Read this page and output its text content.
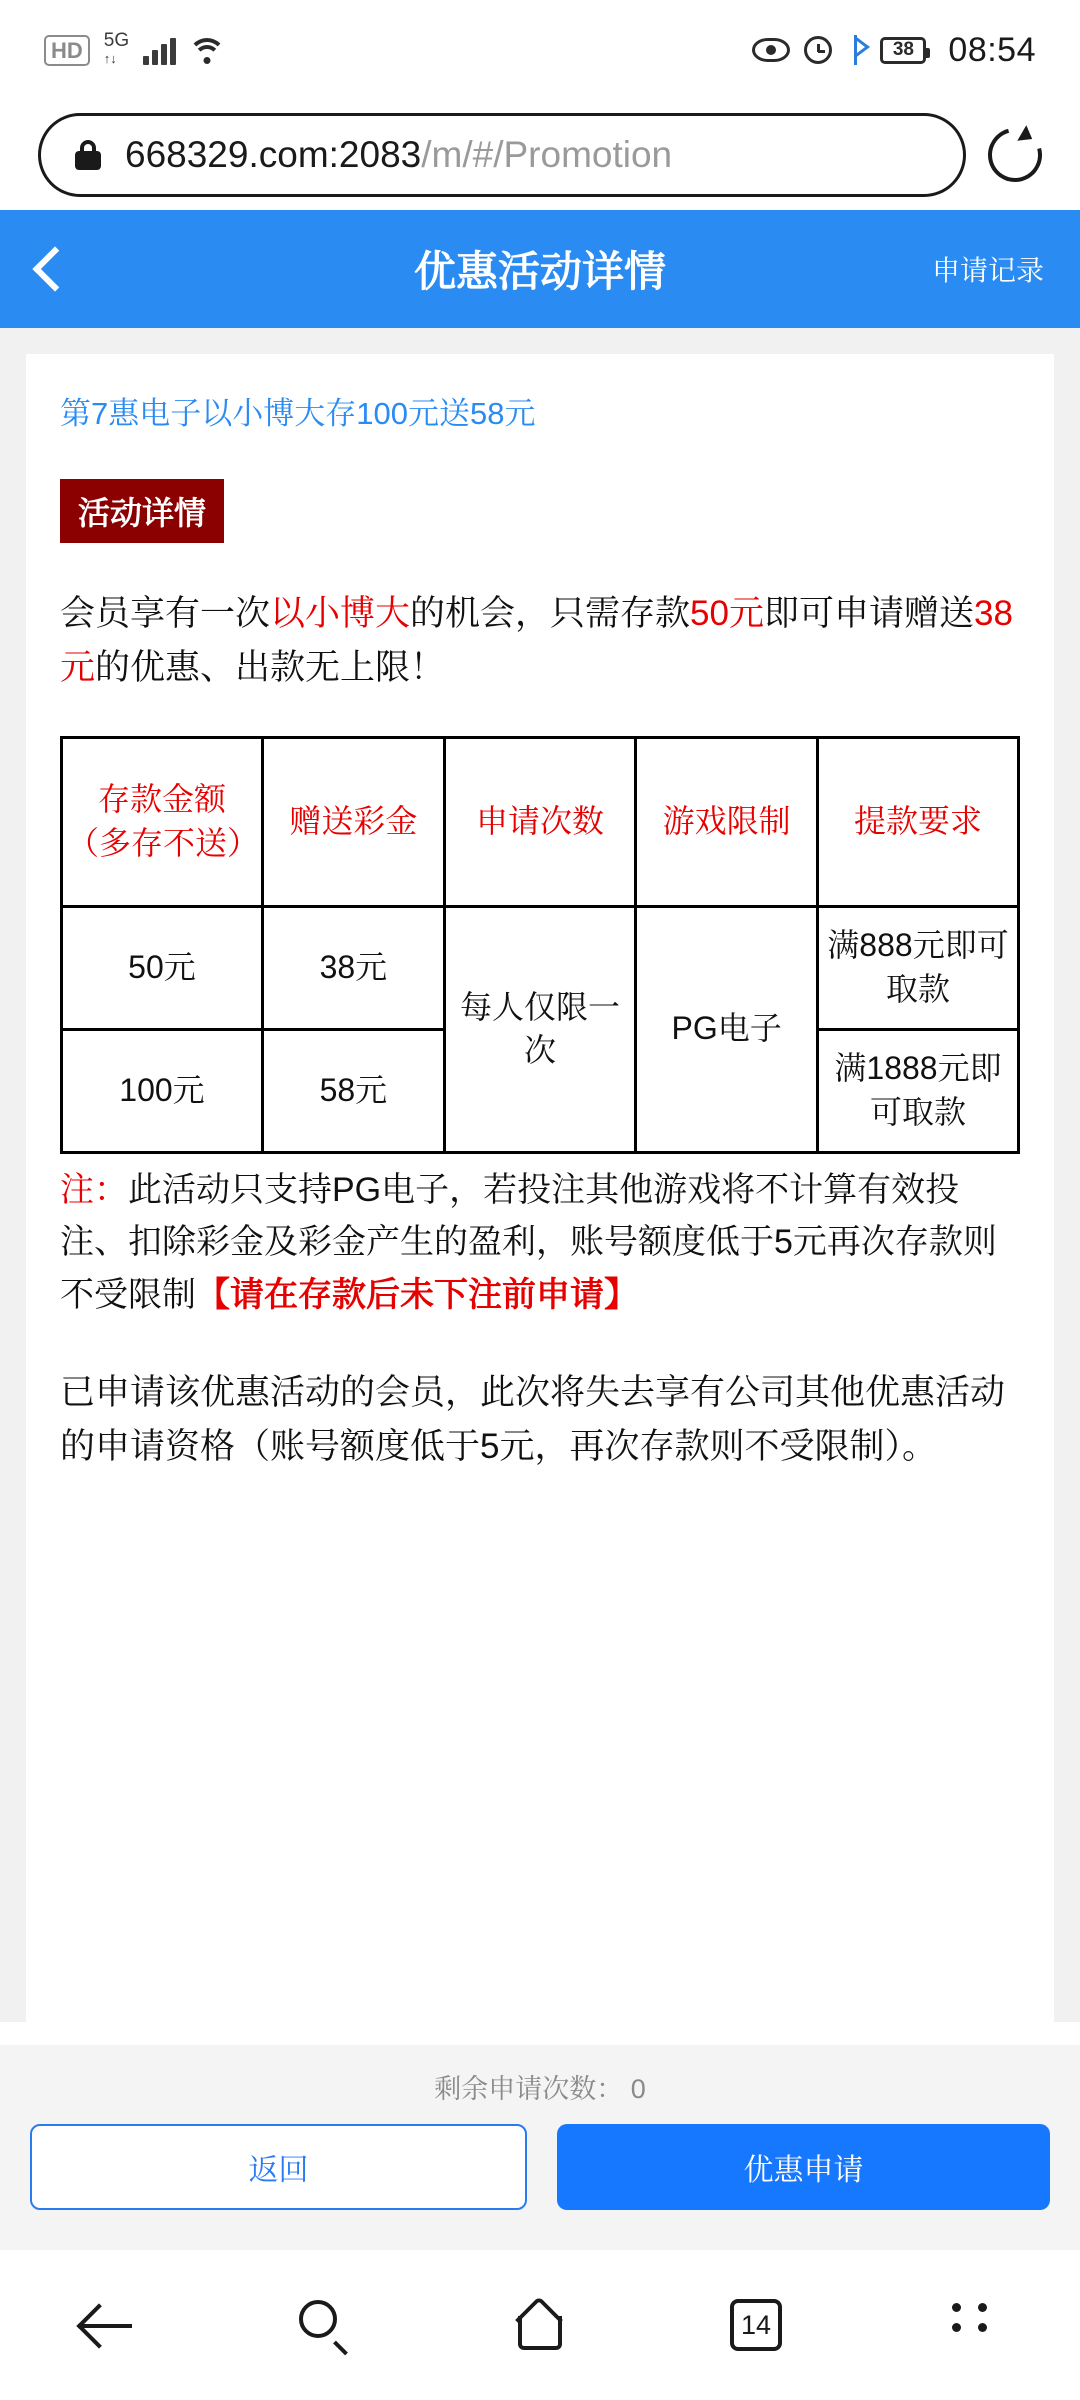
HD	5G
↑↓	38 08:54
668329.com:2083/m/#/Promotion
优惠活动详情	申请记录
第7惠电子以小博大存100元送58元
活动详情

会员享有一次以小博大的机会，只需存款50元即可申请赠送38元的优惠、出款无上限！

存款金额（多存不送）	赠送彩金	申请次数	游戏限制	提款要求

50元	38元	每人仅限一次	PG电子	满888元即可取款
100元	58元			满1888元即可取款

注：此活动只支持PG电子，若投注其他游戏将不计算有效投注、扣除彩金及彩金产生的盈利，账号额度低于5元再次存款则不受限制【请在存款后未下注前申请】

已申请该优惠活动的会员，此次将失去享有公司其他优惠活动的申请资格（账号额度低于5元，再次存款则不受限制）。

剩余申请次数： 0
返回	优惠申请
14
